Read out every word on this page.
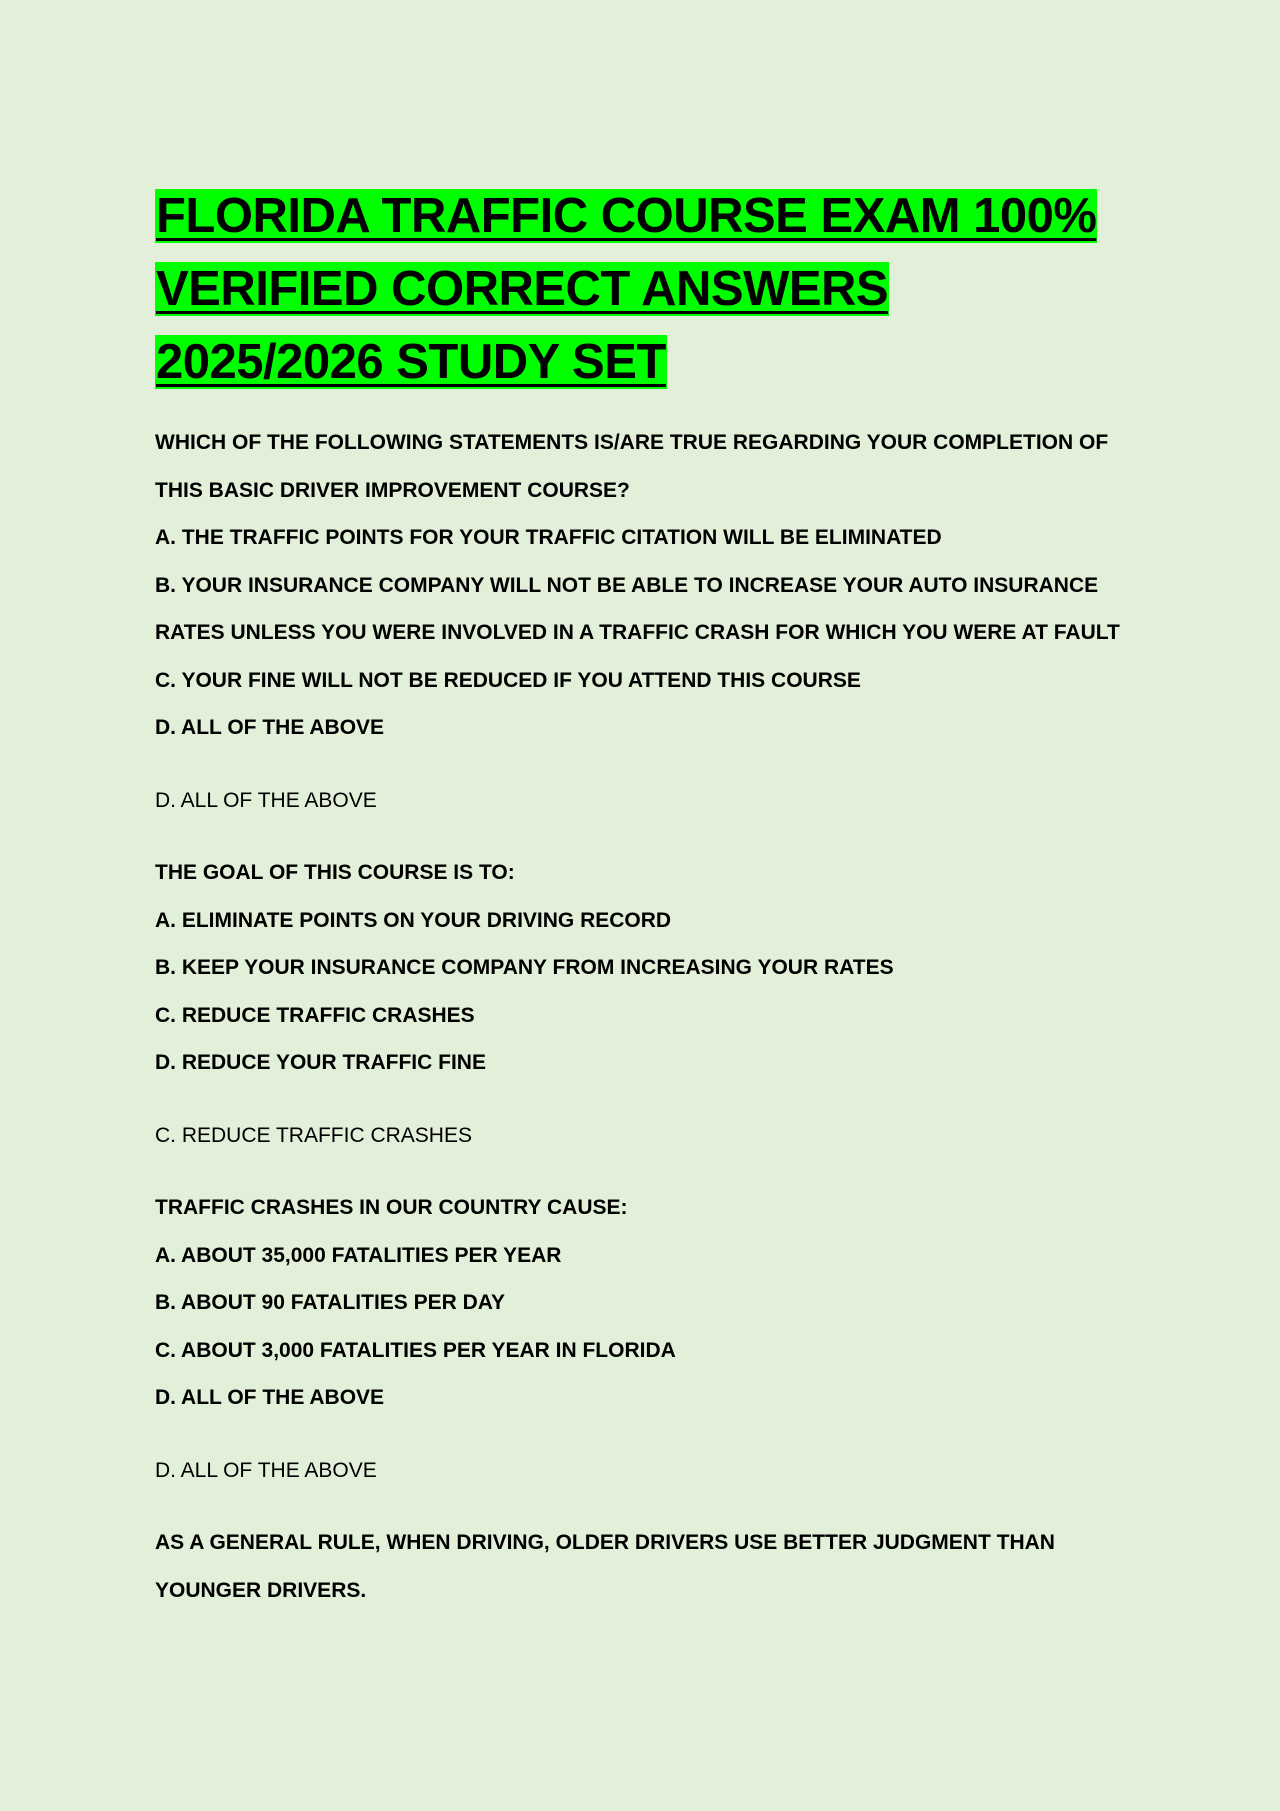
FLORIDA TRAFFIC COURSE EXAM 100%
VERIFIED CORRECT ANSWERS
2025/2026 STUDY SET
WHICH OF THE FOLLOWING STATEMENTS IS/ARE TRUE REGARDING YOUR COMPLETION OF
THIS BASIC DRIVER IMPROVEMENT COURSE?
A. THE TRAFFIC POINTS FOR YOUR TRAFFIC CITATION WILL BE ELIMINATED
B. YOUR INSURANCE COMPANY WILL NOT BE ABLE TO INCREASE YOUR AUTO INSURANCE
RATES UNLESS YOU WERE INVOLVED IN A TRAFFIC CRASH FOR WHICH YOU WERE AT FAULT
C. YOUR FINE WILL NOT BE REDUCED IF YOU ATTEND THIS COURSE
D. ALL OF THE ABOVE
D. ALL OF THE ABOVE
THE GOAL OF THIS COURSE IS TO:
A. ELIMINATE POINTS ON YOUR DRIVING RECORD
B. KEEP YOUR INSURANCE COMPANY FROM INCREASING YOUR RATES
C. REDUCE TRAFFIC CRASHES
D. REDUCE YOUR TRAFFIC FINE
C. REDUCE TRAFFIC CRASHES
TRAFFIC CRASHES IN OUR COUNTRY CAUSE:
A. ABOUT 35,000 FATALITIES PER YEAR
B. ABOUT 90 FATALITIES PER DAY
C. ABOUT 3,000 FATALITIES PER YEAR IN FLORIDA
D. ALL OF THE ABOVE
D. ALL OF THE ABOVE
AS A GENERAL RULE, WHEN DRIVING, OLDER DRIVERS USE BETTER JUDGMENT THAN
YOUNGER DRIVERS.
